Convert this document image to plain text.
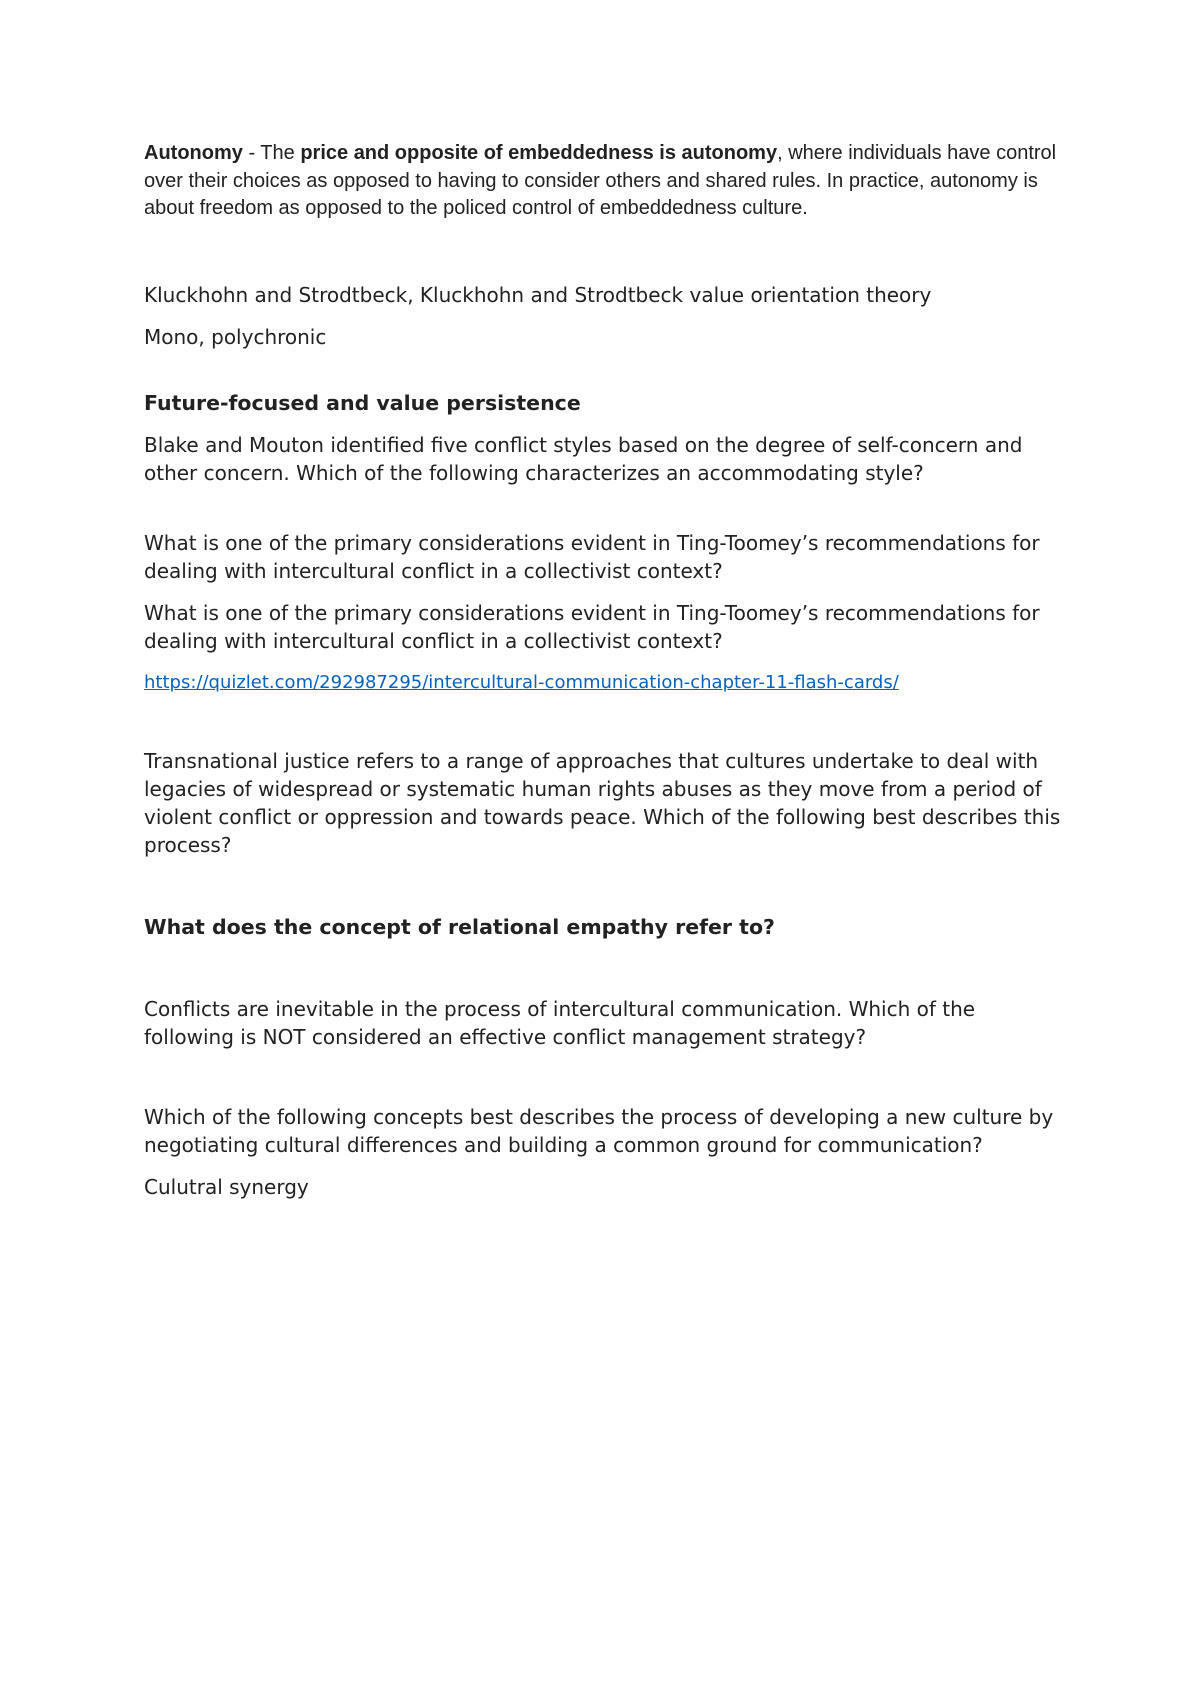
Autonomy - The price and opposite of embeddedness is autonomy, where individuals have control over their choices as opposed to having to consider others and shared rules. In practice, autonomy is about freedom as opposed to the policed control of embeddedness culture.

Kluckhohn and Strodtbeck, Kluckhohn and Strodtbeck value orientation theory

Mono, polychronic

Future-focused and value persistence

Blake and Mouton identified five conflict styles based on the degree of self-concern and other concern. Which of the following characterizes an accommodating style?

What is one of the primary considerations evident in Ting-Toomey’s recommendations for dealing with intercultural conflict in a collectivist context?

What is one of the primary considerations evident in Ting-Toomey’s recommendations for dealing with intercultural conflict in a collectivist context?

https://quizlet.com/292987295/intercultural-communication-chapter-11-flash-cards/

Transnational justice refers to a range of approaches that cultures undertake to deal with legacies of widespread or systematic human rights abuses as they move from a period of violent conflict or oppression and towards peace. Which of the following best describes this process?

What does the concept of relational empathy refer to?

Conflicts are inevitable in the process of intercultural communication. Which of the following is NOT considered an effective conflict management strategy?

Which of the following concepts best describes the process of developing a new culture by negotiating cultural differences and building a common ground for communication?

Culutral synergy
